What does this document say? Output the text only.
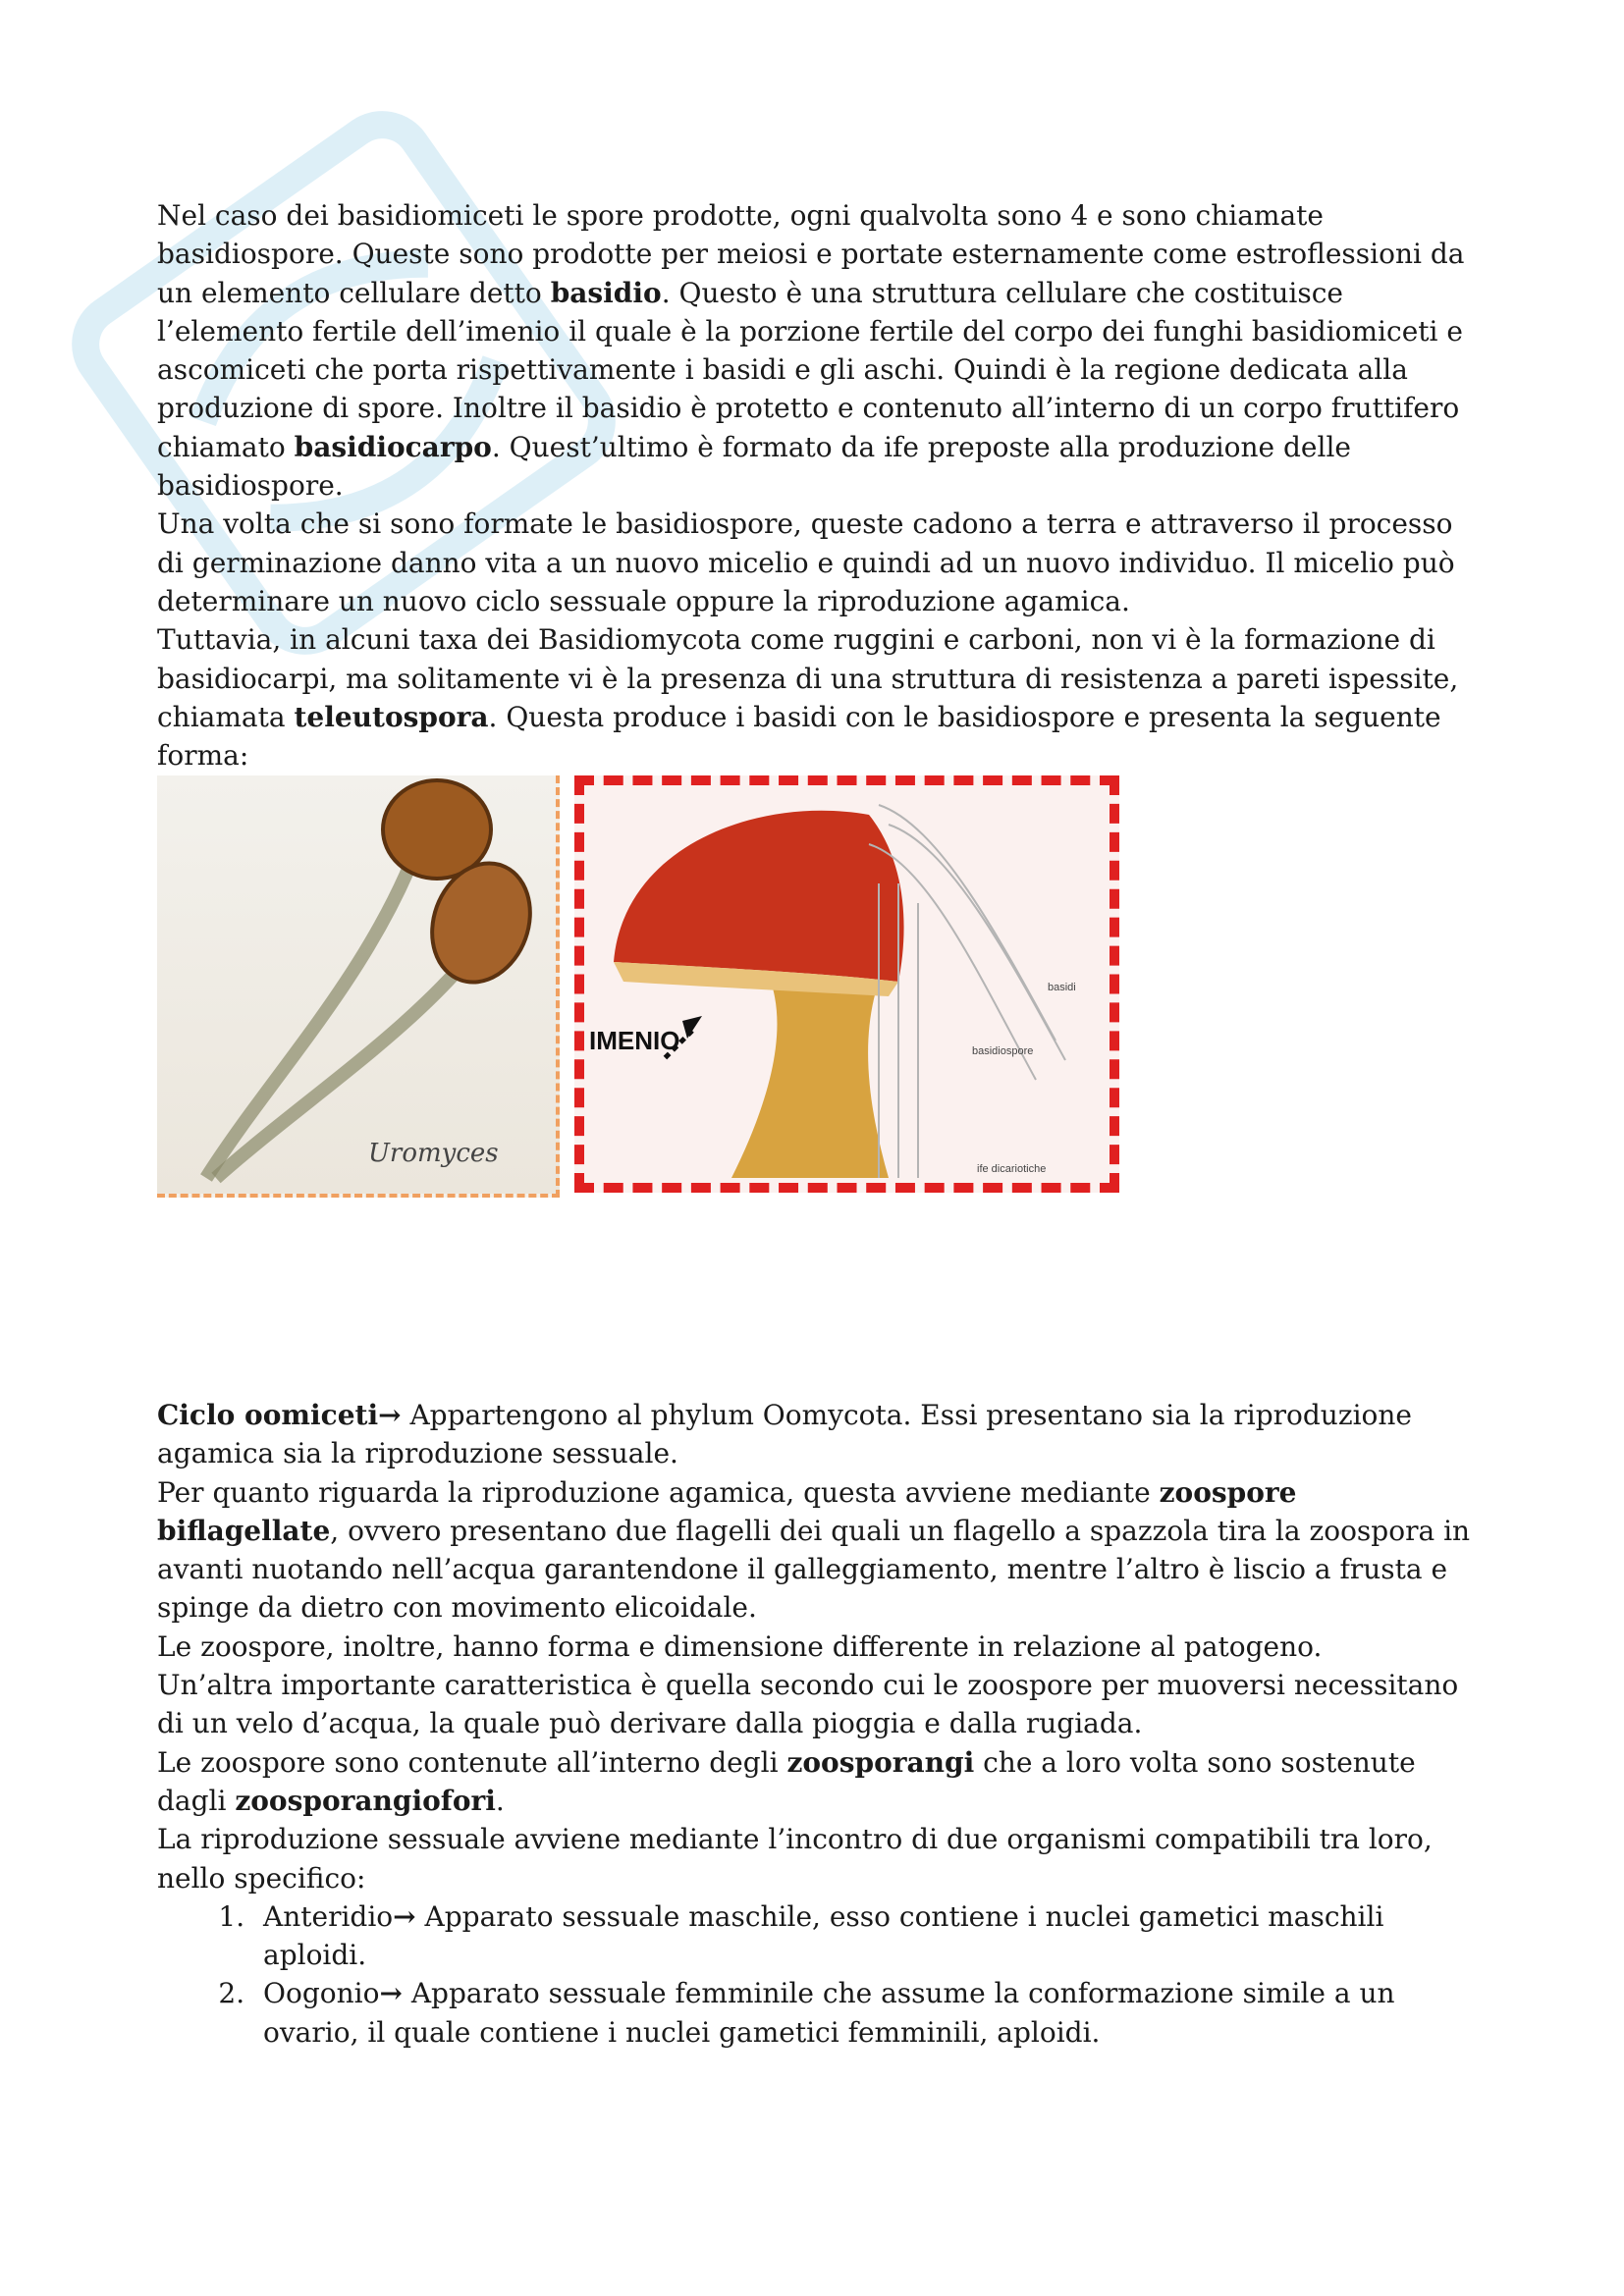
Nel caso dei basidiomiceti le spore prodotte, ogni qualvolta sono 4 e sono chiamate basidiospore. Queste sono prodotte per meiosi e portate esternamente come estroflessioni da un elemento cellulare detto basidio. Questo è una struttura cellulare che costituisce l’elemento fertile dell’imenio il quale è la porzione fertile del corpo dei funghi basidiomiceti e ascomiceti che porta rispettivamente i basidi e gli aschi. Quindi è la regione dedicata alla produzione di spore. Inoltre il basidio è protetto e contenuto all’interno di un corpo fruttifero chiamato basidiocarpo. Quest’ultimo è formato da ife preposte alla produzione delle basidiospore.

Una volta che si sono formate le basidiospore, queste cadono a terra e attraverso il processo di germinazione danno vita a un nuovo micelio e quindi ad un nuovo individuo. Il micelio può determinare un nuovo ciclo sessuale oppure la riproduzione agamica.

Tuttavia, in alcuni taxa dei Basidiomycota come ruggini e carboni, non vi è la formazione di basidiocarpi, ma solitamente vi è la presenza di una struttura di resistenza a pareti ispessite, chiamata teleutospora. Questa produce i basidi con le basidiospore e presenta la seguente forma:

Uromyces
IMENIO
basidi
basidiospore
ife dicariotiche

Ciclo oomiceti→ Appartengono al phylum Oomycota. Essi presentano sia la riproduzione agamica sia la riproduzione sessuale.

Per quanto riguarda la riproduzione agamica, questa avviene mediante zoospore biflagellate, ovvero presentano due flagelli dei quali un flagello a spazzola tira la zoospora in avanti nuotando nell’acqua garantendone il galleggiamento, mentre l’altro è liscio a frusta e spinge da dietro con movimento elicoidale.

Le zoospore, inoltre, hanno forma e dimensione differente in relazione al patogeno.

Un’altra importante caratteristica è quella secondo cui le zoospore per muoversi necessitano di un velo d’acqua, la quale può derivare dalla pioggia e dalla rugiada.

Le zoospore sono contenute all’interno degli zoosporangi che a loro volta sono sostenute dagli zoosporangiofori.

La riproduzione sessuale avviene mediante l’incontro di due organismi compatibili tra loro, nello specifico:

1. Anteridio→ Apparato sessuale maschile, esso contiene i nuclei gametici maschili aploidi.
2. Oogonio→ Apparato sessuale femminile che assume la conformazione simile a un ovario, il quale contiene i nuclei gametici femminili, aploidi.
